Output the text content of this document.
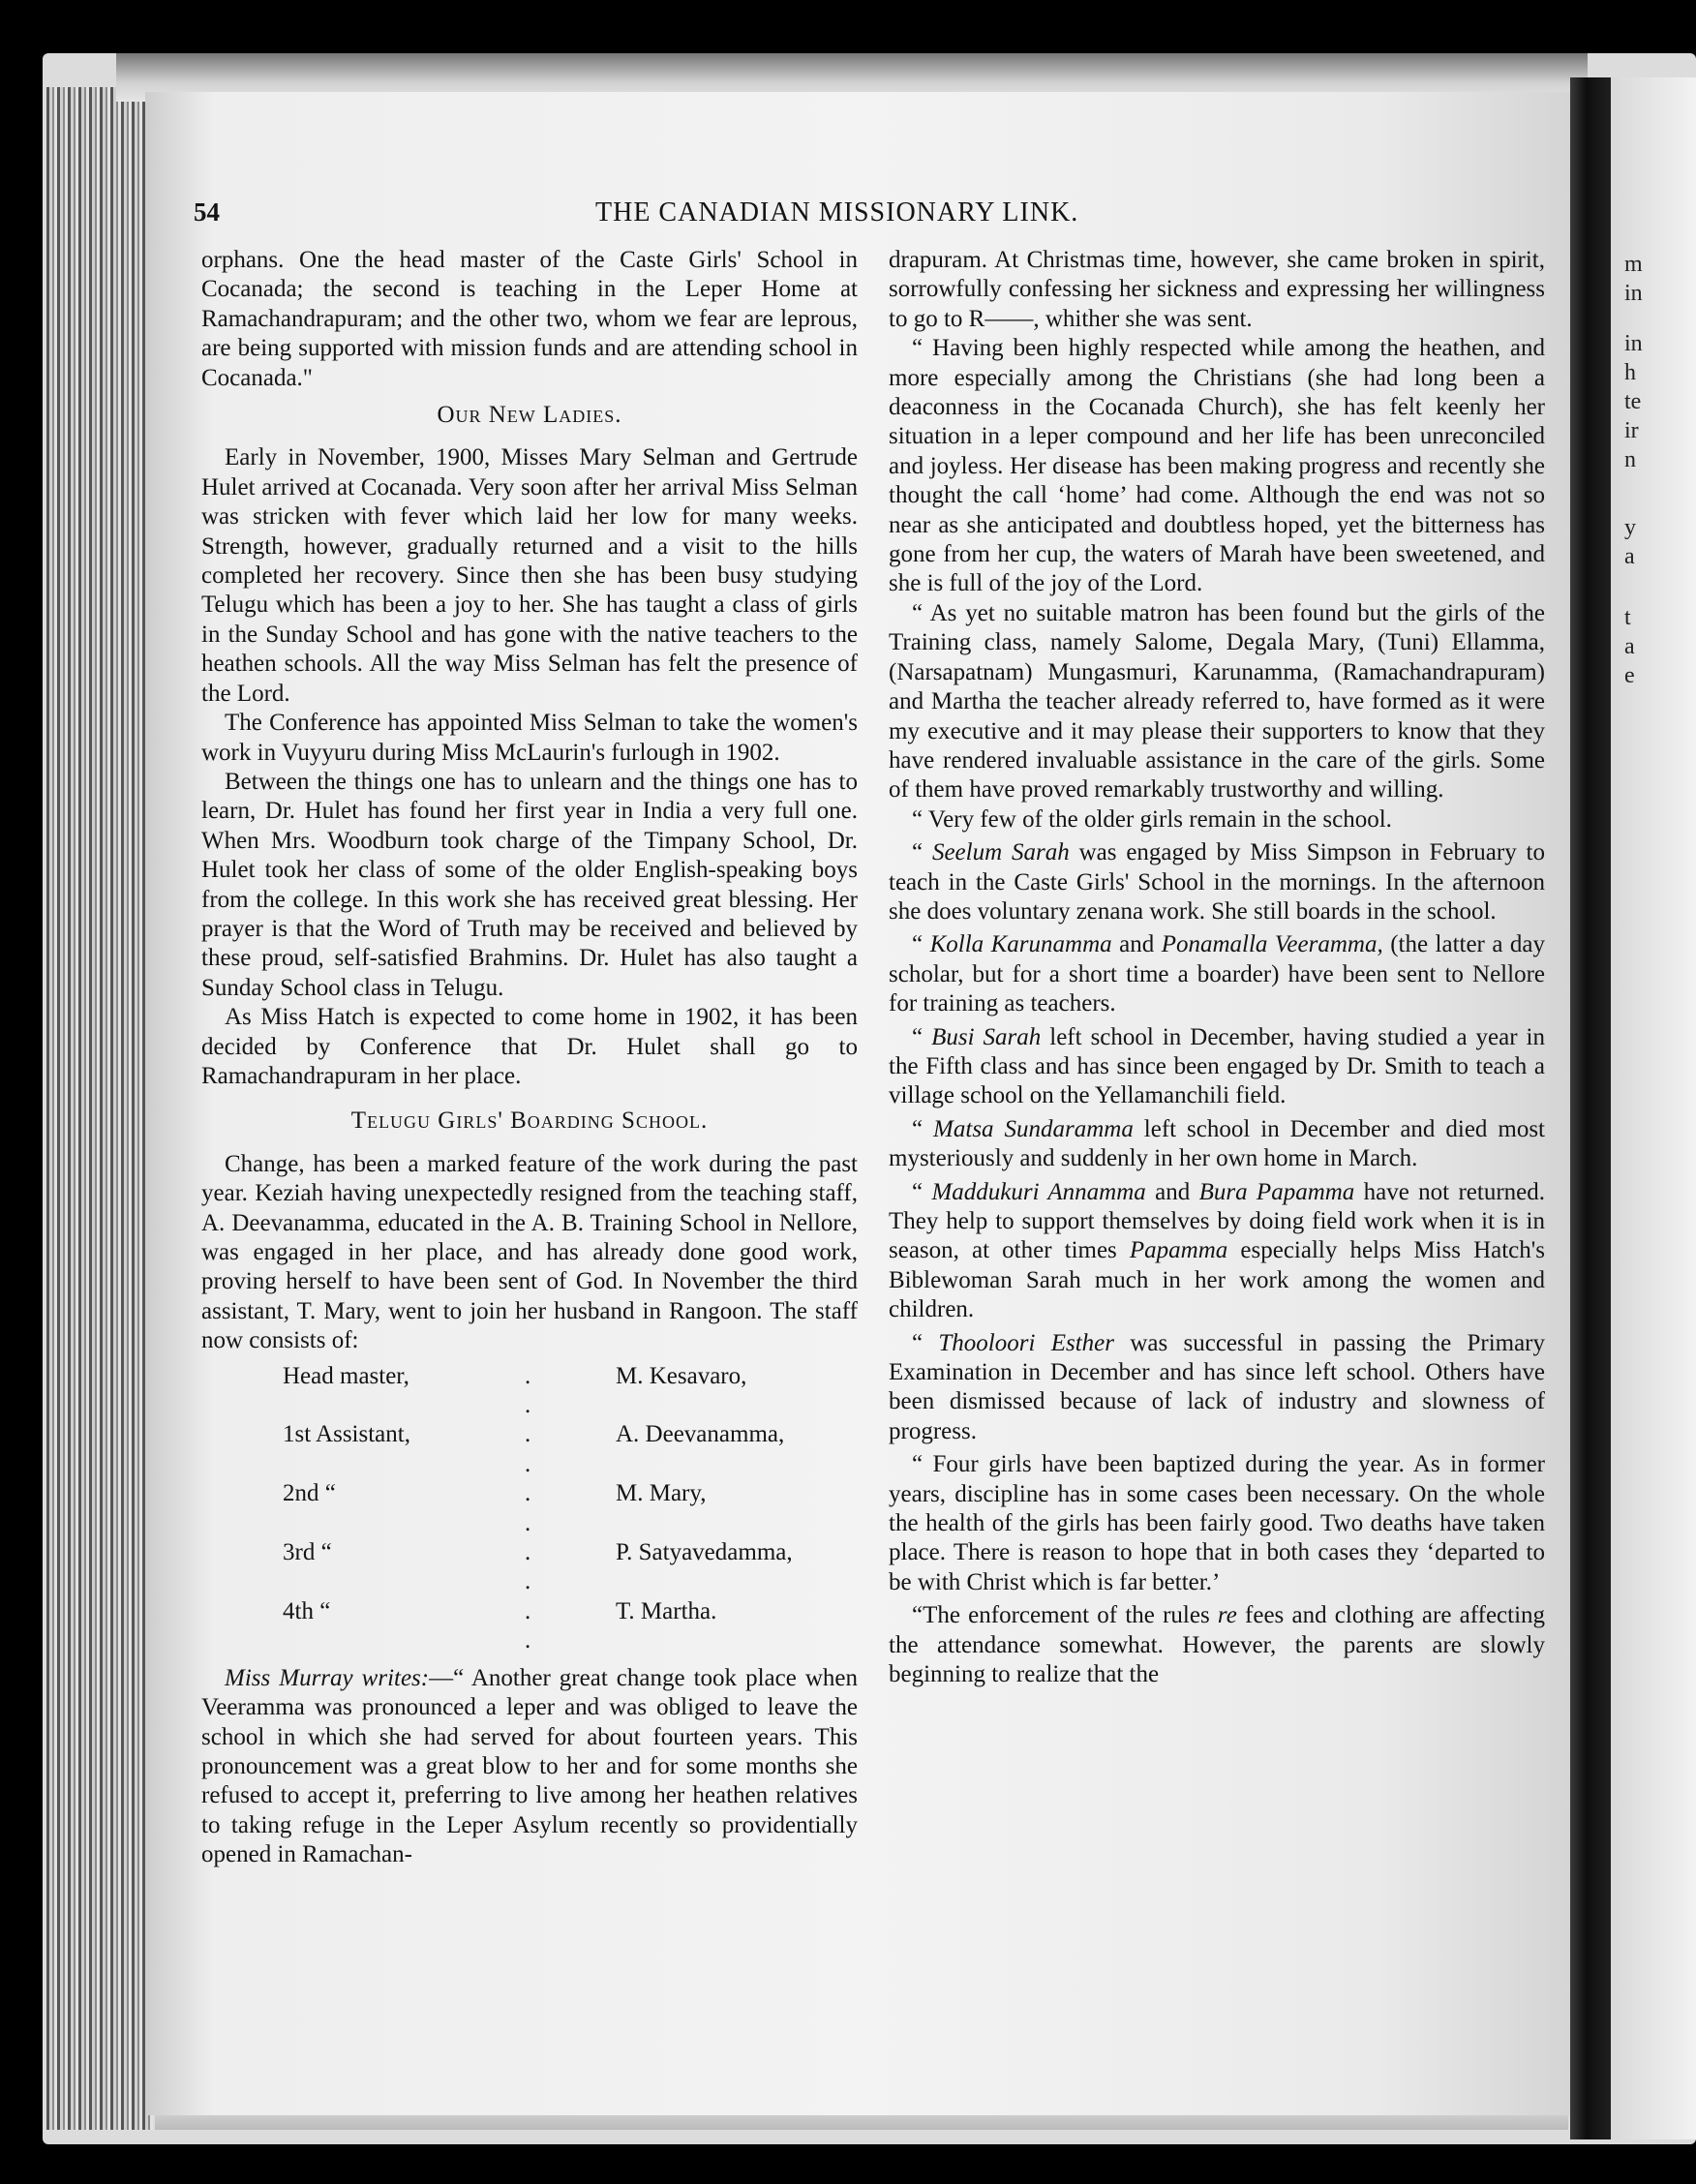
m
in
in
h
te
ir
n
y
a
t
a
e
54	THE CANADIAN MISSIONARY LINK.

orphans. One the head master of the Caste Girls' School in Cocanada; the second is teaching in the Leper Home at Ramachandrapuram; and the other two, whom we fear are leprous, are being supported with mission funds and are attending school in Cocanada."

Our New Ladies.

Early in November, 1900, Misses Mary Selman and Gertrude Hulet arrived at Cocanada. Very soon after her arrival Miss Selman was stricken with fever which laid her low for many weeks. Strength, however, gradually returned and a visit to the hills completed her recovery. Since then she has been busy studying Telugu which has been a joy to her. She has taught a class of girls in the Sunday School and has gone with the native teachers to the heathen schools. All the way Miss Selman has felt the presence of the Lord.

The Conference has appointed Miss Selman to take the women's work in Vuyyuru during Miss McLaurin's furlough in 1902.

Between the things one has to unlearn and the things one has to learn, Dr. Hulet has found her first year in India a very full one. When Mrs. Woodburn took charge of the Timpany School, Dr. Hulet took her class of some of the older English-speaking boys from the college. In this work she has received great blessing. Her prayer is that the Word of Truth may be received and believed by these proud, self-satisfied Brahmins. Dr. Hulet has also taught a Sunday School class in Telugu.

As Miss Hatch is expected to come home in 1902, it has been decided by Conference that Dr. Hulet shall go to Ramachandrapuram in her place.

Telugu Girls' Boarding School.

Change, has been a marked feature of the work during the past year. Keziah having unexpectedly resigned from the teaching staff, A. Deevanamma, educated in the A. B. Training School in Nellore, was engaged in her place, and has already done good work, proving herself to have been sent of God. In November the third assistant, T. Mary, went to join her husband in Rangoon. The staff now consists of:

Head master,	. .	M. Kesavaro,
1st Assistant,	. .	A. Deevanamma,
2nd “	. .	M. Mary,
3rd “	. .	P. Satyavedamma,
4th “	. .	T. Martha.

Miss Murray writes:—“ Another great change took place when Veeramma was pronounced a leper and was obliged to leave the school in which she had served for about fourteen years. This pronouncement was a great blow to her and for some months she refused to accept it, preferring to live among her heathen relatives to taking refuge in the Leper Asylum recently so providentially opened in Ramachan-

drapuram. At Christmas time, however, she came broken in spirit, sorrowfully confessing her sickness and expressing her willingness to go to R——, whither she was sent.

“ Having been highly respected while among the heathen, and more especially among the Christians (she had long been a deaconness in the Cocanada Church), she has felt keenly her situation in a leper compound and her life has been unreconciled and joyless. Her disease has been making progress and recently she thought the call ‘home’ had come. Although the end was not so near as she anticipated and doubtless hoped, yet the bitterness has gone from her cup, the waters of Marah have been sweetened, and she is full of the joy of the Lord.

“ As yet no suitable matron has been found but the girls of the Training class, namely Salome, Degala Mary, (Tuni) Ellamma, (Narsapatnam) Mungasmuri, Karunamma, (Ramachandrapuram) and Martha the teacher already referred to, have formed as it were my executive and it may please their supporters to know that they have rendered invaluable assistance in the care of the girls. Some of them have proved remarkably trustworthy and willing.

“ Very few of the older girls remain in the school.

“ Seelum Sarah was engaged by Miss Simpson in February to teach in the Caste Girls' School in the mornings. In the afternoon she does voluntary zenana work. She still boards in the school.

“ Kolla Karunamma and Ponamalla Veeramma, (the latter a day scholar, but for a short time a boarder) have been sent to Nellore for training as teachers.

“ Busi Sarah left school in December, having studied a year in the Fifth class and has since been engaged by Dr. Smith to teach a village school on the Yellamanchili field.

“ Matsa Sundaramma left school in December and died most mysteriously and suddenly in her own home in March.

“ Maddukuri Annamma and Bura Papamma have not returned. They help to support themselves by doing field work when it is in season, at other times Papamma especially helps Miss Hatch's Biblewoman Sarah much in her work among the women and children.

“ Thooloori Esther was successful in passing the Primary Examination in December and has since left school. Others have been dismissed because of lack of industry and slowness of progress.

“ Four girls have been baptized during the year. As in former years, discipline has in some cases been necessary. On the whole the health of the girls has been fairly good. Two deaths have taken place. There is reason to hope that in both cases they ‘departed to be with Christ which is far better.’

“The enforcement of the rules re fees and clothing are affecting the attendance somewhat. However, the parents are slowly beginning to realize that the
